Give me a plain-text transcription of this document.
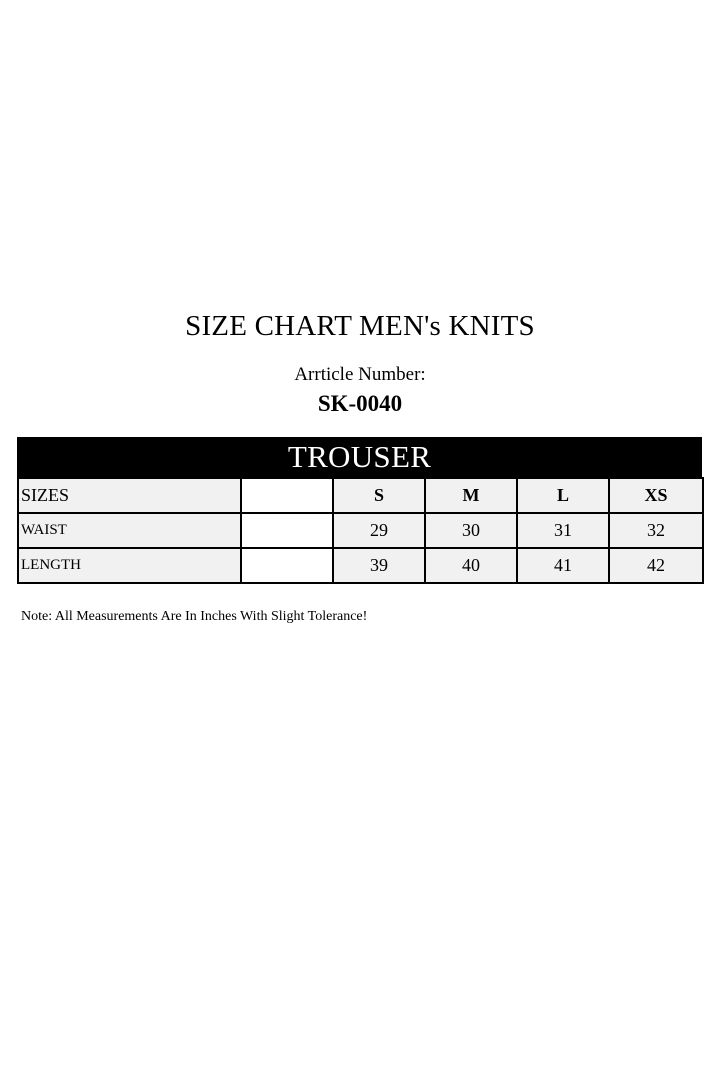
SIZE CHART MEN's KNITS
Arrticle Number:
SK-0040
TROUSER
SIZES		S	M	L	XS
WAIST		29	30	31	32
LENGTH		39	40	41	42
Note: All Measurements Are In Inches With Slight Tolerance!
